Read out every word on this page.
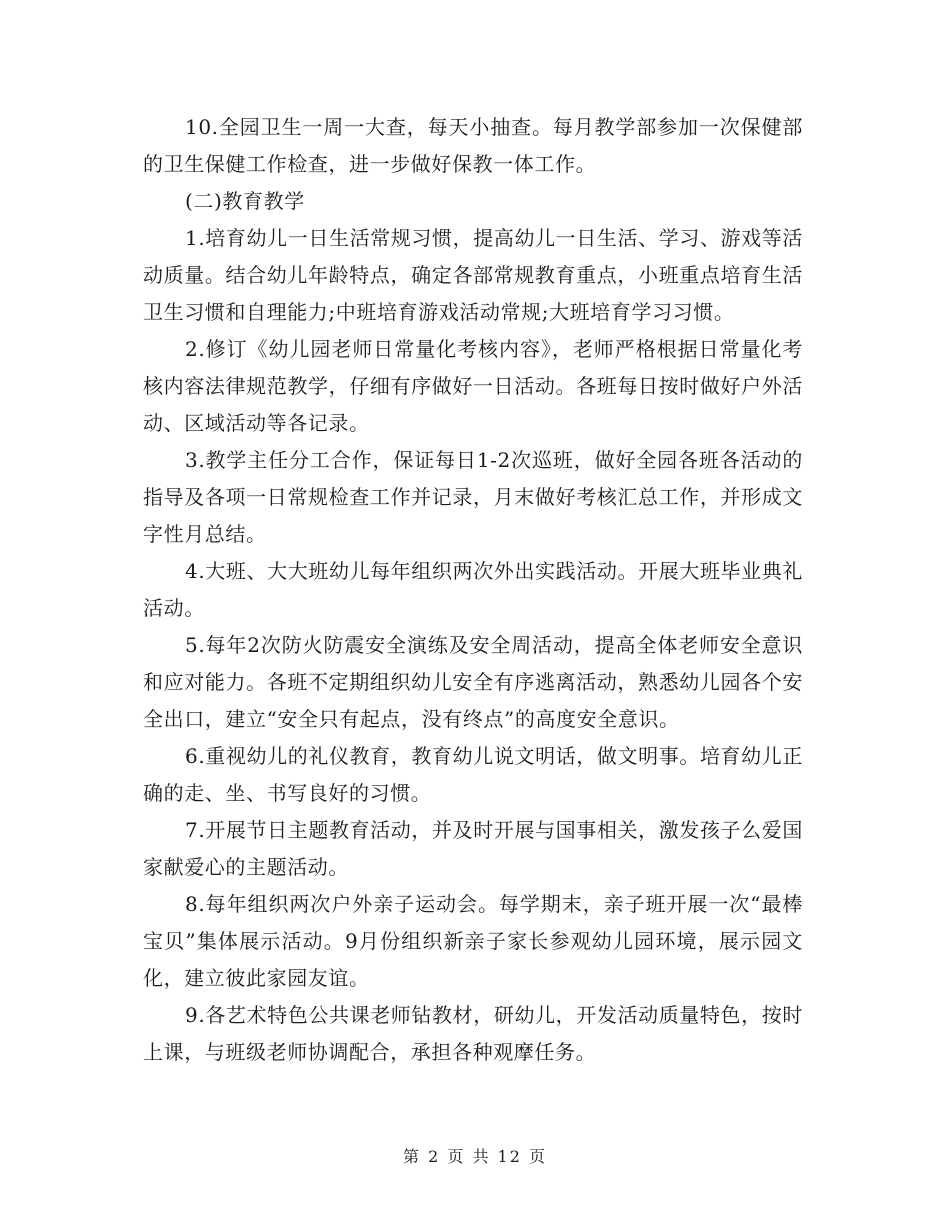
10.全园卫生一周一大查，每天小抽查。每月教学部参加一次保健部的卫生保健工作检查，进一步做好保教一体工作。

(二)教育教学

1.培育幼儿一日生活常规习惯，提高幼儿一日生活、学习、游戏等活动质量。结合幼儿年龄特点，确定各部常规教育重点，小班重点培育生活卫生习惯和自理能力;中班培育游戏活动常规;大班培育学习习惯。

2.修订《幼儿园老师日常量化考核内容》，老师严格根据日常量化考核内容法律规范教学，仔细有序做好一日活动。各班每日按时做好户外活动、区域活动等各记录。

3.教学主任分工合作，保证每日1-2次巡班，做好全园各班各活动的指导及各项一日常规检查工作并记录，月末做好考核汇总工作，并形成文字性月总结。

4.大班、大大班幼儿每年组织两次外出实践活动。开展大班毕业典礼活动。

5.每年2次防火防震安全演练及安全周活动，提高全体老师安全意识和应对能力。各班不定期组织幼儿安全有序逃离活动，熟悉幼儿园各个安全出口，建立“安全只有起点，没有终点”的高度安全意识。

6.重视幼儿的礼仪教育，教育幼儿说文明话，做文明事。培育幼儿正确的走、坐、书写良好的习惯。

7.开展节日主题教育活动，并及时开展与国事相关，激发孩子么爱国家献爱心的主题活动。

8.每年组织两次户外亲子运动会。每学期末，亲子班开展一次“最棒宝贝”集体展示活动。9月份组织新亲子家长参观幼儿园环境，展示园文化，建立彼此家园友谊。

9.各艺术特色公共课老师钻教材，研幼儿，开发活动质量特色，按时上课，与班级老师协调配合，承担各种观摩任务。

第 2 页 共 12 页
